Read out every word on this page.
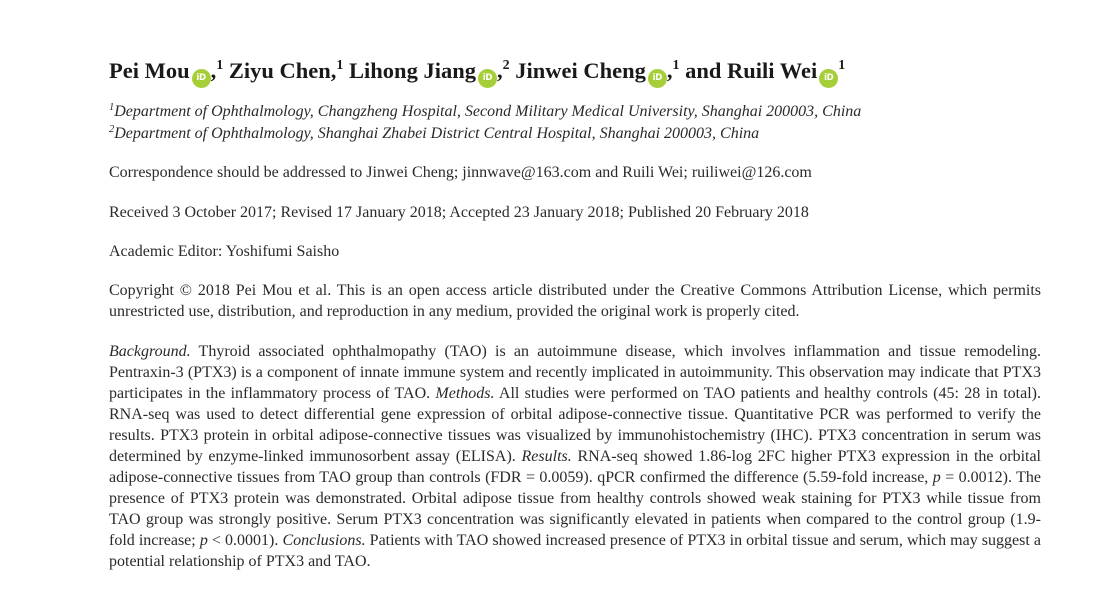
Pei Mou iD ,$^1$ Ziyu Chen,$^1$ Lihong Jiang iD ,$^2$ Jinwei Cheng iD ,$^1$ and Ruili Wei $iD^1$
$^1$Department of Ophthalmology, Changzheng Hospital, Second Military Medical University, Shanghai 200003, China
$^2$Department of Ophthalmology, Shanghai Zhabei District Central Hospital, Shanghai 200003, China

Correspondence should be addressed to Jinwei Cheng; jinnwave@163.com and Ruili Wei; ruiliwei@126.com

Received 3 October 2017; Revised 17 January 2018; Accepted 23 January 2018; Published 20 February 2018

Academic Editor: Yoshifumi Saisho

Copyright © 2018 Pei Mou et al. This is an open access article distributed under the Creative Commons Attribution License, which permits unrestricted use, distribution, and reproduction in any medium, provided the original work is properly cited.

Background. Thyroid associated ophthalmopathy (TAO) is an autoimmune disease, which involves inflammation and tissue remodeling. Pentraxin-3 (PTX3) is a component of innate immune system and recently implicated in autoimmunity. This observation may indicate that PTX3 participates in the inflammatory process of TAO. Methods. All studies were performed on TAO patients and healthy controls (45: 28 in total). RNA-seq was used to detect differential gene expression of orbital adipose-connective tissue. Quantitative PCR was performed to verify the results. PTX3 protein in orbital adipose-connective tissues was visualized by immunohistochemistry (IHC). PTX3 concentration in serum was determined by enzyme-linked immunosorbent assay (ELISA). Results. RNA-seq showed 1.86-log 2FC higher PTX3 expression in the orbital adipose-connective tissues from TAO group than controls (FDR = 0.0059). qPCR confirmed the difference (5.59-fold increase, p = 0.0012). The presence of PTX3 protein was demonstrated. Orbital adipose tissue from healthy controls showed weak staining for PTX3 while tissue from TAO group was strongly positive. Serum PTX3 concentration was significantly elevated in patients when compared to the control group (1.9-fold increase; p < 0.0001). Conclusions. Patients with TAO showed increased presence of PTX3 in orbital tissue and serum, which may suggest a potential relationship of PTX3 and TAO.
